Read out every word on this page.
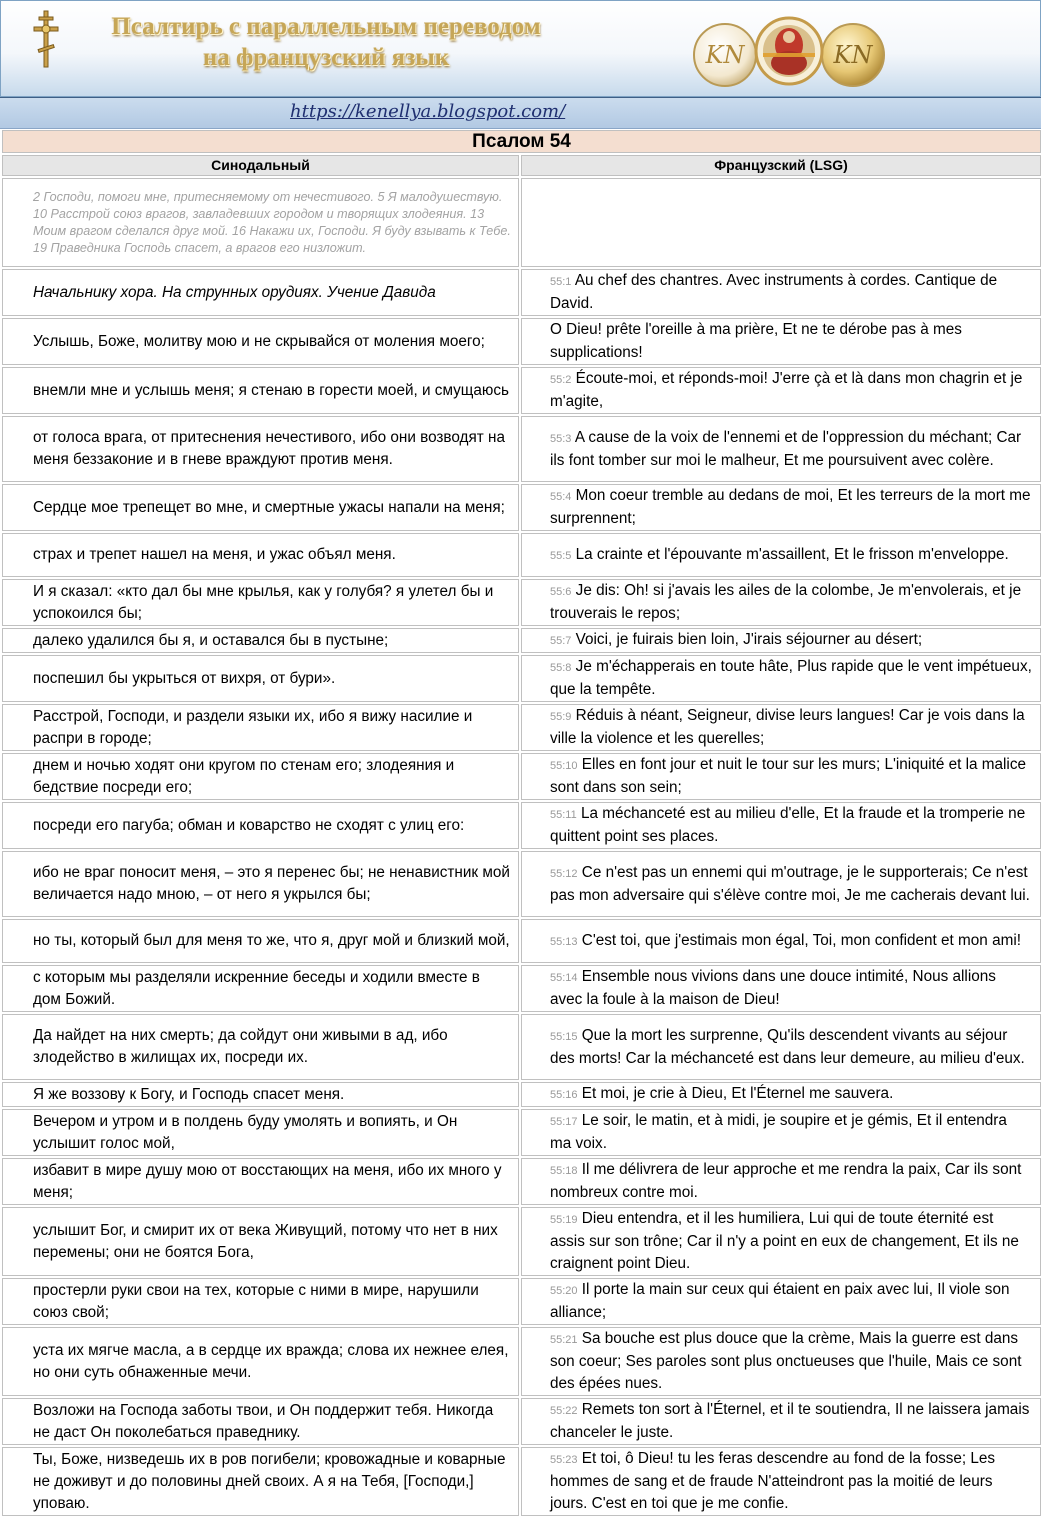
Псалтирь с параллельным переводом
на французский язык	KN	KN
https://kenellya.blogspot.com/
Псалом 54	
Синодальный	Французский (LSG)
2 Господи, помоги мне, притесняемому от нечестивого. 5 Я малодушествую. 10 Расстрой союз врагов, завладевших городом и творящих злодеяния. 13 Моим врагом сделался друг мой. 16 Накажи их, Господи. Я буду взывать к Тебе. 19 Праведника Господь спасет, а врагов его низложит.	
Начальнику хора. На струнных орудиях. Учение Давида	55:1 Au chef des chantres. Avec instruments à cordes. Cantique de David.
Услышь, Боже, молитву мою и не скрывайся от моления моего;	O Dieu! prête l'oreille à ma prière, Et ne te dérobe pas à mes supplications!
внемли мне и услышь меня; я стенаю в горести моей, и смущаюсь	55:2 Écoute-moi, et réponds-moi! J'erre çà et là dans mon chagrin et je m'agite,
от голоса врага, от притеснения нечестивого, ибо они возводят на меня беззаконие и в гневе враждуют против меня.	55:3 A cause de la voix de l'ennemi et de l'oppression du méchant; Car ils font tomber sur moi le malheur, Et me poursuivent avec colère.
Сердце мое трепещет во мне, и смертные ужасы напали на меня;	55:4 Mon coeur tremble au dedans de moi, Et les terreurs de la mort me surprennent;
страх и трепет нашел на меня, и ужас объял меня.	55:5 La crainte et l'épouvante m'assaillent, Et le frisson m'enveloppe.
И я сказал: «кто дал бы мне крылья, как у голубя? я улетел бы и успокоился бы;	55:6 Je dis: Oh! si j'avais les ailes de la colombe, Je m'envolerais, et je trouverais le repos;
далеко удалился бы я, и оставался бы в пустыне;	55:7 Voici, je fuirais bien loin, J'irais séjourner au désert;
поспешил бы укрыться от вихря, от бури».	55:8 Je m'échapperais en toute hâte, Plus rapide que le vent impétueux, que la tempête.
Расстрой, Господи, и раздели языки их, ибо я вижу насилие и распри в городе;	55:9 Réduis à néant, Seigneur, divise leurs langues! Car je vois dans la ville la violence et les querelles;
днем и ночью ходят они кругом по стенам его; злодеяния и бедствие посреди его;	55:10 Elles en font jour et nuit le tour sur les murs; L'iniquité et la malice sont dans son sein;
посреди его пагуба; обман и коварство не сходят с улиц его:	55:11 La méchanceté est au milieu d'elle, Et la fraude et la tromperie ne quittent point ses places.
ибо не враг поносит меня, – это я перенес бы; не ненавистник мой величается надо мною, – от него я укрылся бы;	55:12 Ce n'est pas un ennemi qui m'outrage, je le supporterais; Ce n'est pas mon adversaire qui s'élève contre moi, Je me cacherais devant lui.
но ты, который был для меня то же, что я, друг мой и близкий мой,	55:13 C'est toi, que j'estimais mon égal, Toi, mon confident et mon ami!
с которым мы разделяли искренние беседы и ходили вместе в дом Божий.	55:14 Ensemble nous vivions dans une douce intimité, Nous allions avec la foule à la maison de Dieu!
Да найдет на них смерть; да сойдут они живыми в ад, ибо злодейство в жилищах их, посреди их.	55:15 Que la mort les surprenne, Qu'ils descendent vivants au séjour des morts! Car la méchanceté est dans leur demeure, au milieu d'eux.
Я же воззову к Богу, и Господь спасет меня.	55:16 Et moi, je crie à Dieu, Et l'Éternel me sauvera.
Вечером и утром и в полдень буду умолять и вопиять, и Он услышит голос мой,	55:17 Le soir, le matin, et à midi, je soupire et je gémis, Et il entendra ma voix.
избавит в мире душу мою от восстающих на меня, ибо их много у меня;	55:18 Il me délivrera de leur approche et me rendra la paix, Car ils sont nombreux contre moi.
услышит Бог, и смирит их от века Живущий, потому что нет в них перемены; они не боятся Бога,	55:19 Dieu entendra, et il les humiliera, Lui qui de toute éternité est assis sur son trône; Car il n'y a point en eux de changement, Et ils ne craignent point Dieu.
простерли руки свои на тех, которые с ними в мире, нарушили союз свой;	55:20 Il porte la main sur ceux qui étaient en paix avec lui, Il viole son alliance;
уста их мягче масла, а в сердце их вражда; слова их нежнее елея, но они суть обнаженные мечи.	55:21 Sa bouche est plus douce que la crème, Mais la guerre est dans son coeur; Ses paroles sont plus onctueuses que l'huile, Mais ce sont des épées nues.
Возложи на Господа заботы твои, и Он поддержит тебя. Никогда не даст Он поколебаться праведнику.	55:22 Remets ton sort à l'Éternel, et il te soutiendra, Il ne laissera jamais chanceler le juste.
Ты, Боже, низведешь их в ров погибели; кровожадные и коварные не доживут и до половины дней своих. А я на Тебя, [Господи,] уповаю.	55:23 Et toi, ô Dieu! tu les feras descendre au fond de la fosse; Les hommes de sang et de fraude N'atteindront pas la moitié de leurs jours. C'est en toi que je me confie.
